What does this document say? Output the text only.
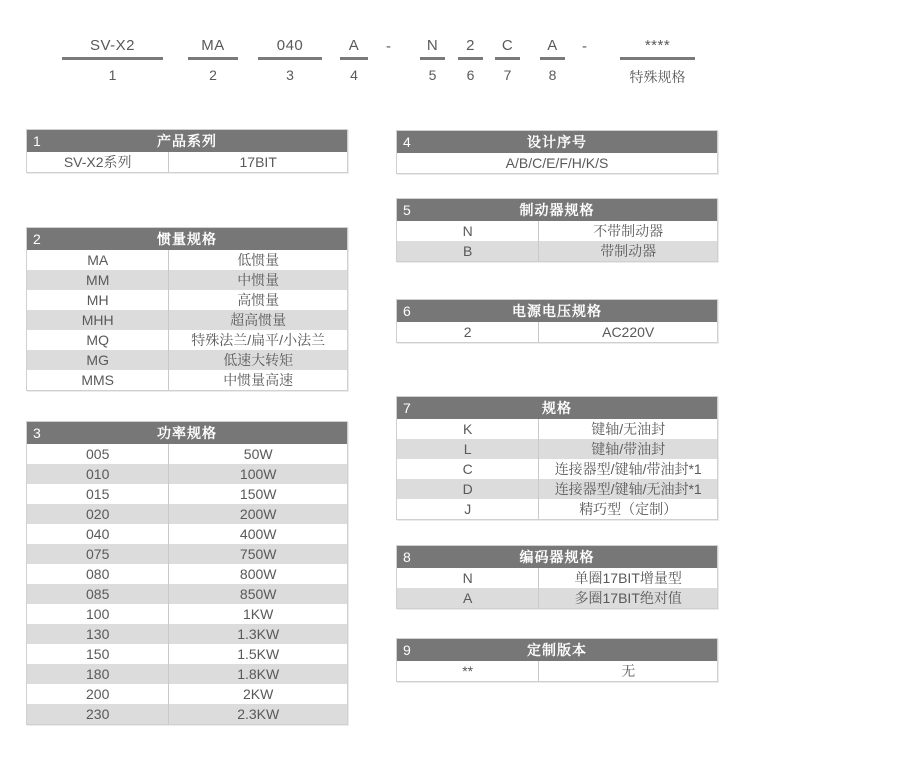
SV-X2
1
MA
2
040
3
A
4
-	N
5
2
6
C
7
A
8
-	****
特殊规格
1	产品系列
SV-X2系列	17BIT
2	惯量规格
MA	低惯量
MM	中惯量
MH	高惯量
MHH	超高惯量
MQ	特殊法兰/扁平/小法兰
MG	低速大转矩
MMS	中惯量高速
3	功率规格
005	50W
010	100W
015	150W
020	200W
040	400W
075	750W
080	800W
085	850W
100	1KW
130	1.3KW
150	1.5KW
180	1.8KW
200	2KW
230	2.3KW
4	设计序号
A/B/C/E/F/H/K/S
5	制动器规格
N	不带制动器
B	带制动器
6	电源电压规格
2	AC220V
7	规格
K	键轴/无油封
L	键轴/带油封
C	连接器型/键轴/带油封*1
D	连接器型/键轴/无油封*1
J	精巧型（定制）
8	编码器规格
N	单圈17BIT增量型
A	多圈17BIT绝对值
9	定制版本
**	无
